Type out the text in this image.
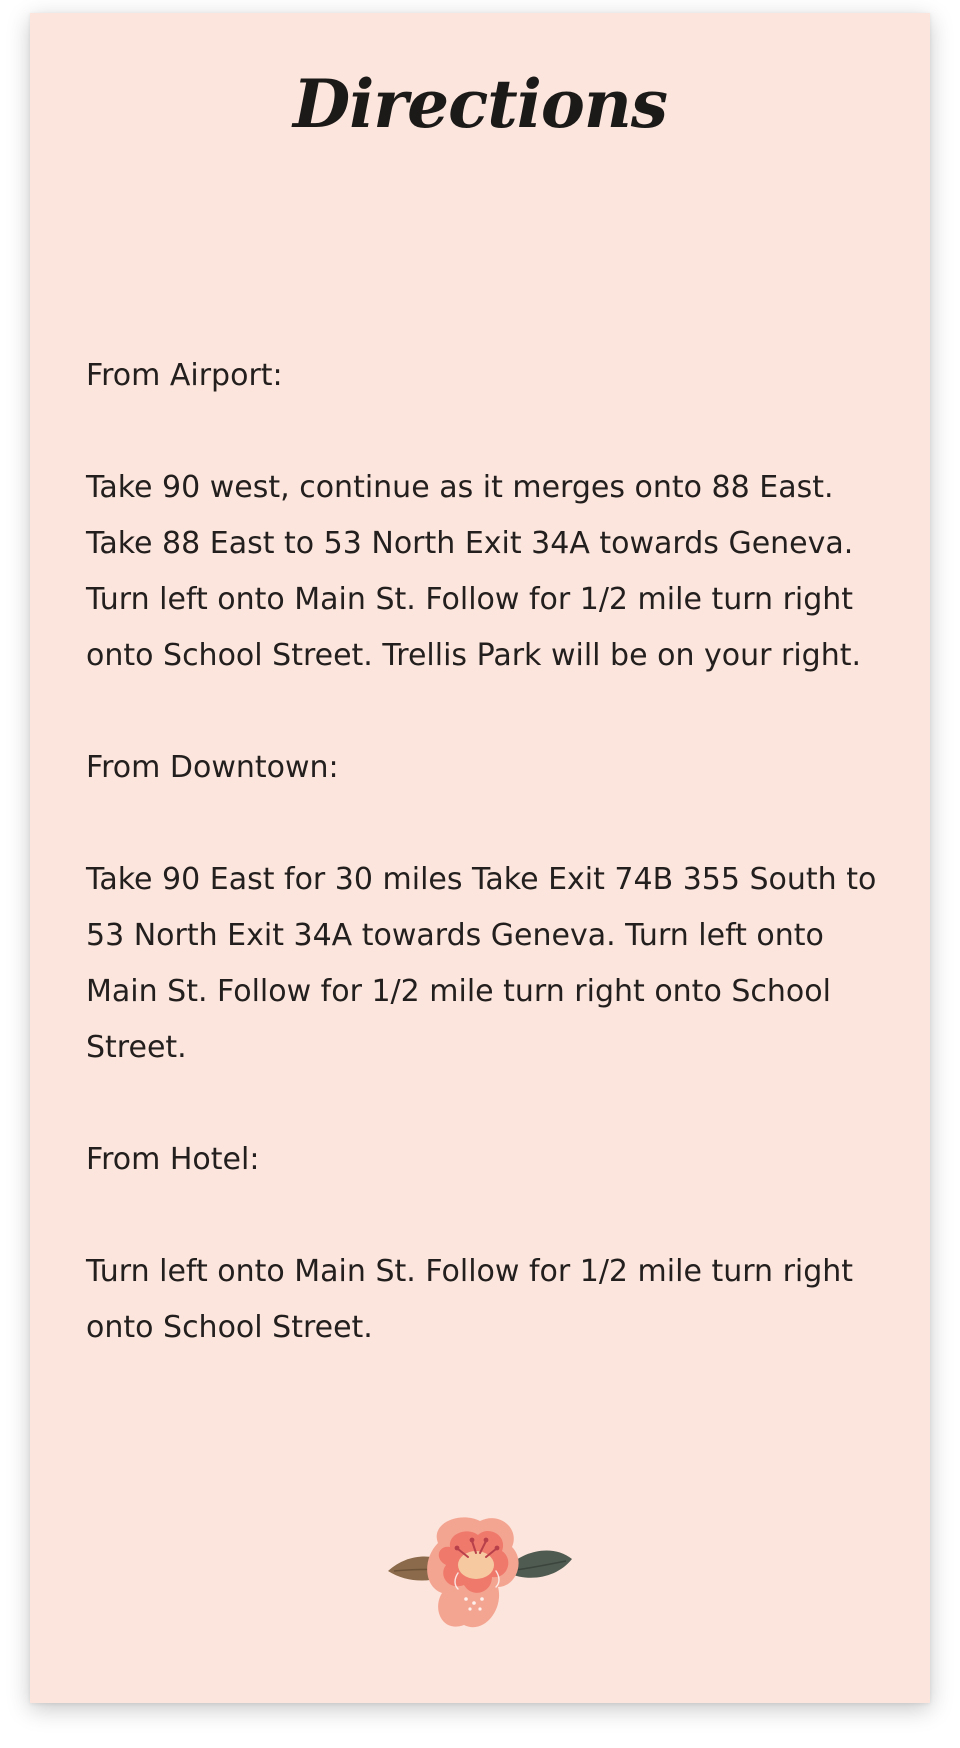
Directions

From Airport:

Take 90 west, continue as it merges onto 88 East. Take 88 East to 53 North Exit 34A towards Geneva. Turn left onto Main St. Follow for 1/2 mile turn right onto School Street. Trellis Park will be on your right.

From Downtown:

Take 90 East for 30 miles Take Exit 74B 355 South to 53 North Exit 34A towards Geneva. Turn left onto Main St. Follow for 1/2 mile turn right onto School Street.

From Hotel:

Turn left onto Main St. Follow for 1/2 mile turn right onto School Street.
